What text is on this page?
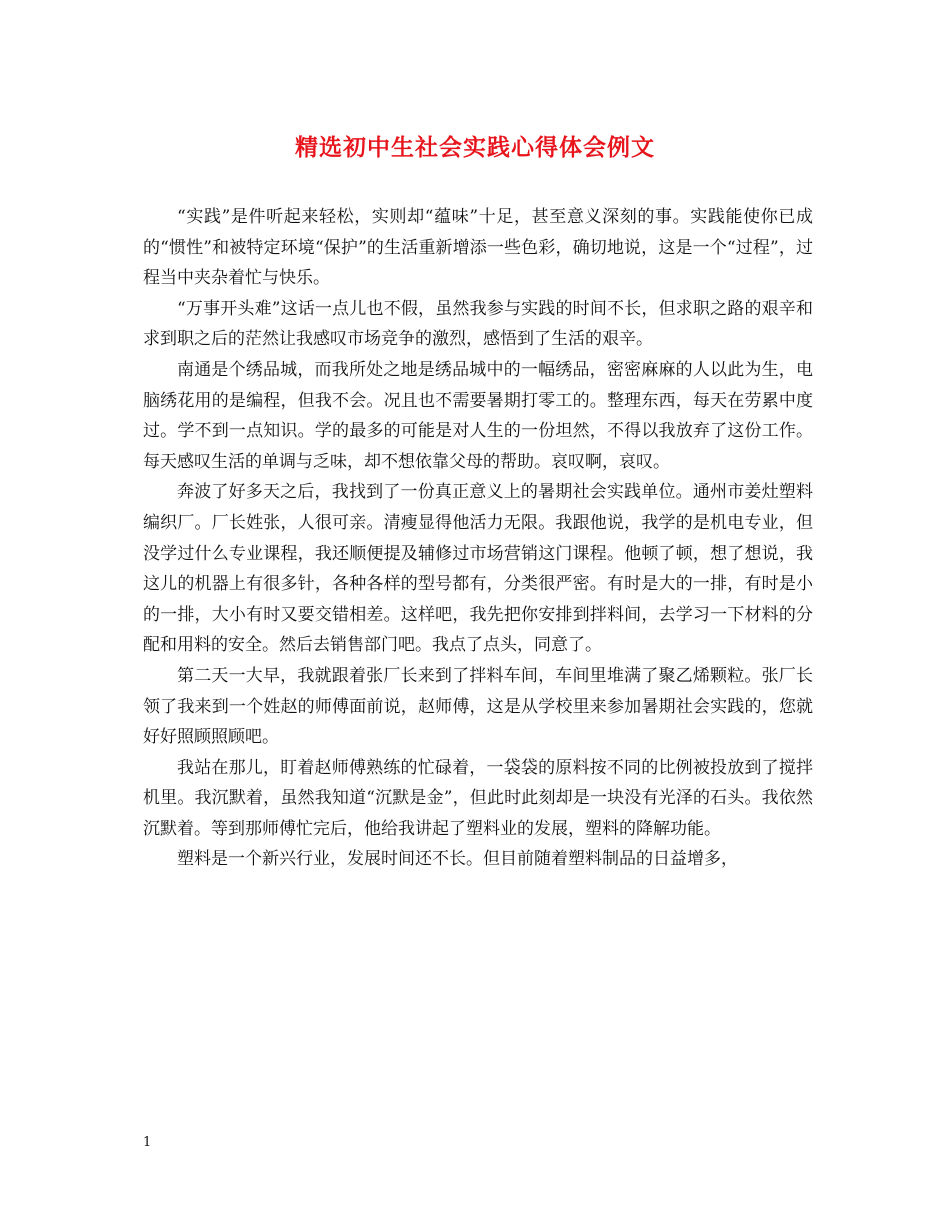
精选初中生社会实践心得体会例文

“实践”是件听起来轻松，实则却“蕴味”十足，甚至意义深刻的事。实践能使你已成的“惯性”和被特定环境“保护”的生活重新增添一些色彩，确切地说，这是一个“过程”，过程当中夹杂着忙与快乐。

“万事开头难”这话一点儿也不假，虽然我参与实践的时间不长，但求职之路的艰辛和求到职之后的茫然让我感叹市场竞争的激烈，感悟到了生活的艰辛。

南通是个绣品城，而我所处之地是绣品城中的一幅绣品，密密麻麻的人以此为生，电脑绣花用的是编程，但我不会。况且也不需要暑期打零工的。整理东西，每天在劳累中度过。学不到一点知识。学的最多的可能是对人生的一份坦然，不得以我放弃了这份工作。每天感叹生活的单调与乏味，却不想依靠父母的帮助。哀叹啊，哀叹。

奔波了好多天之后，我找到了一份真正意义上的暑期社会实践单位。通州市姜灶塑料编织厂。厂长姓张，人很可亲。清瘦显得他活力无限。我跟他说，我学的是机电专业，但没学过什么专业课程，我还顺便提及辅修过市场营销这门课程。他顿了顿，想了想说，我这儿的机器上有很多针，各种各样的型号都有，分类很严密。有时是大的一排，有时是小的一排，大小有时又要交错相差。这样吧，我先把你安排到拌料间，去学习一下材料的分配和用料的安全。然后去销售部门吧。我点了点头，同意了。

第二天一大早，我就跟着张厂长来到了拌料车间，车间里堆满了聚乙烯颗粒。张厂长领了我来到一个姓赵的师傅面前说，赵师傅，这是从学校里来参加暑期社会实践的，您就好好照顾照顾吧。

我站在那儿，盯着赵师傅熟练的忙碌着，一袋袋的原料按不同的比例被投放到了搅拌机里。我沉默着，虽然我知道“沉默是金”，但此时此刻却是一块没有光泽的石头。我依然沉默着。等到那师傅忙完后，他给我讲起了塑料业的发展，塑料的降解功能。

塑料是一个新兴行业，发展时间还不长。但目前随着塑料制品的日益增多，

1
